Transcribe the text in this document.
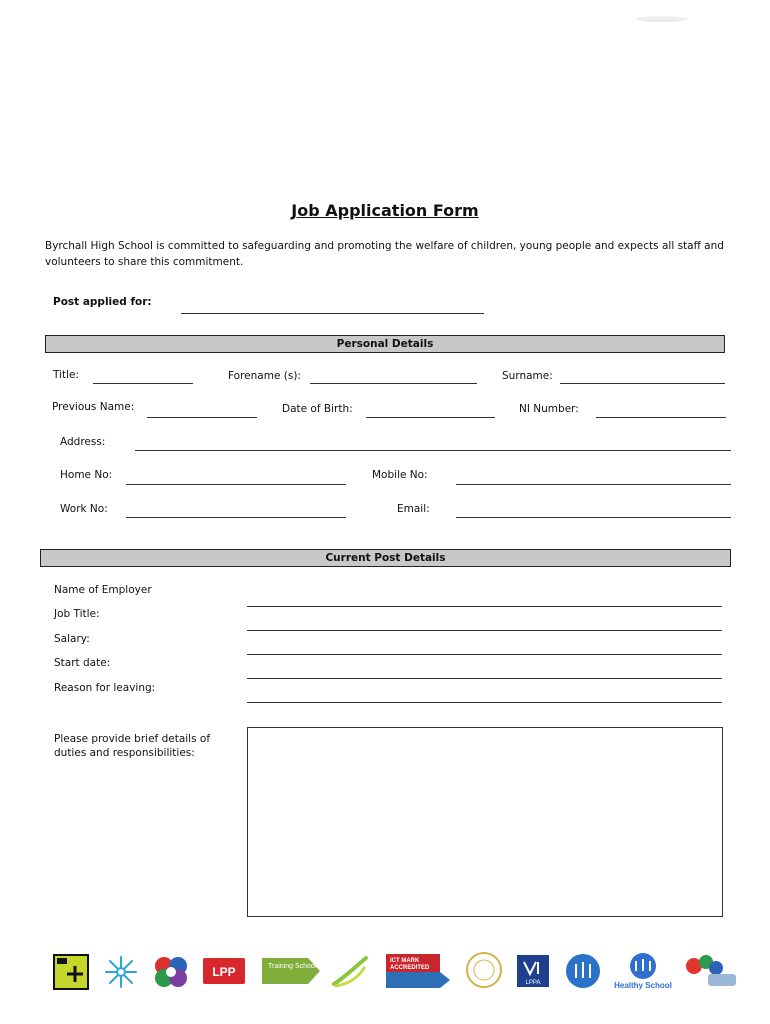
Job Application Form
Byrchall High School is committed to safeguarding and promoting the welfare of children, young people and expects all staff and volunteers to share this commitment.
Post applied for:
Personal Details
Title:	Forename (s):	Surname:
Previous Name:	Date of Birth:	NI Number:
Address:
Home No:	Mobile No:
Work No:	Email:
Current Post Details
Name of Employer
Job Title:
Salary:
Start date:
Reason for leaving:
Please provide brief details of
duties and responsibilities:
LPP	Training School
ICT MARK
ACCREDITED
LPPA	Healthy School
